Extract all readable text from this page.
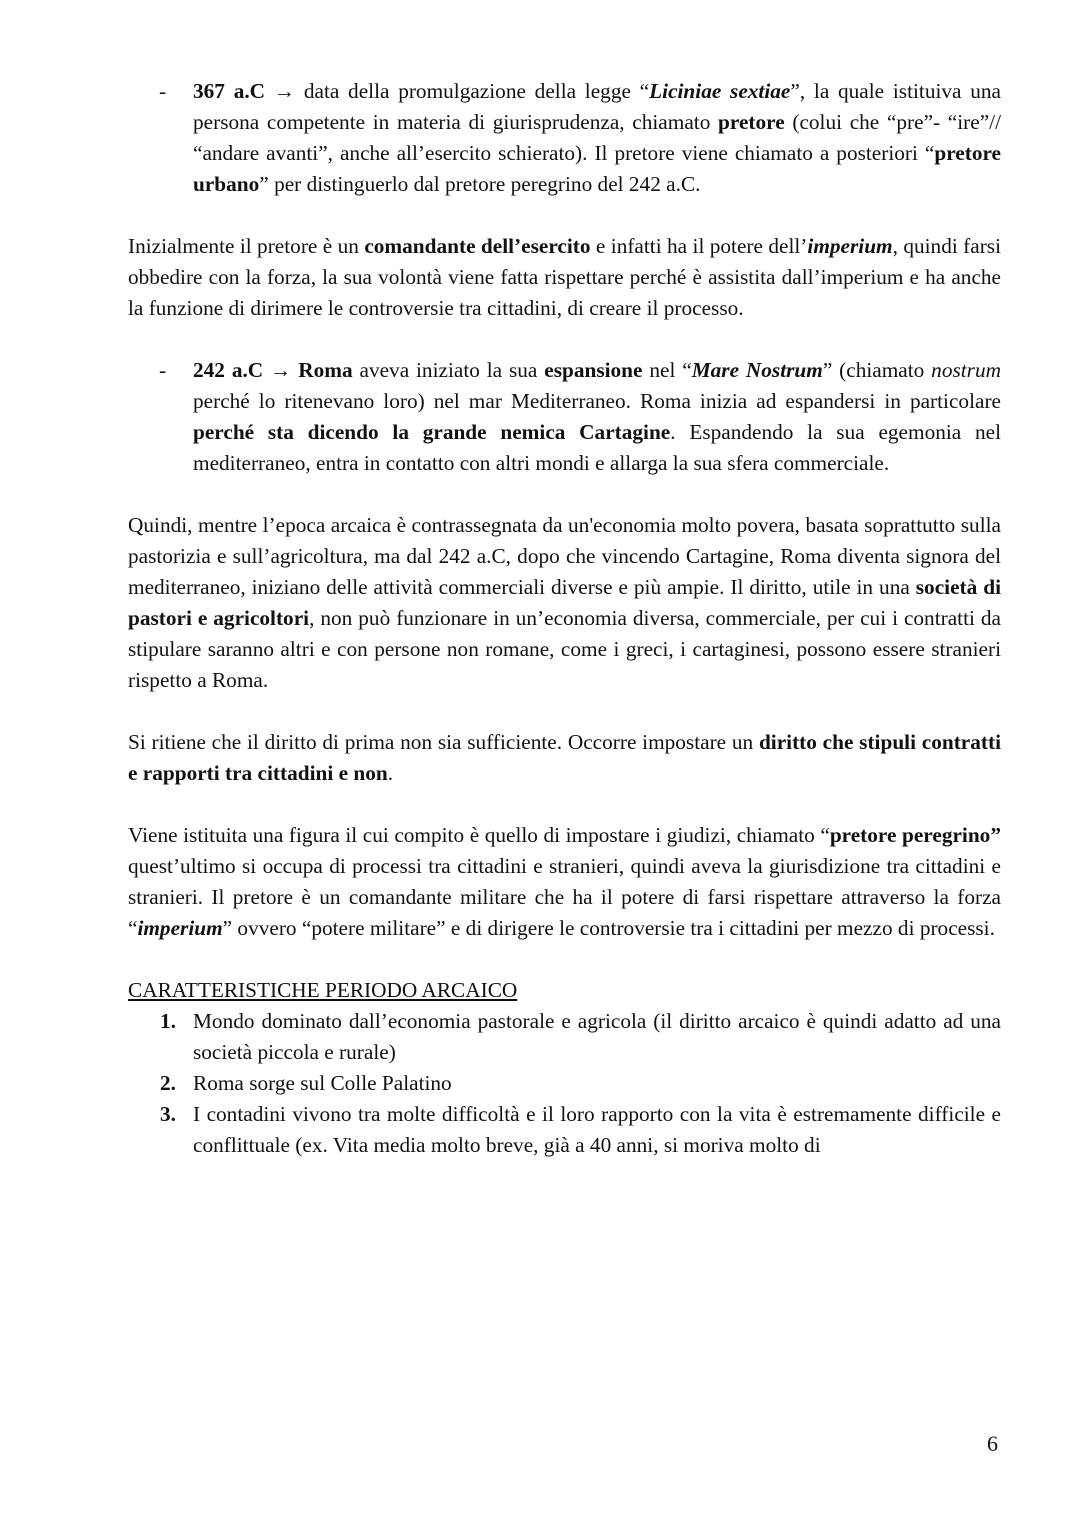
- 367 a.C → data della promulgazione della legge “Liciniae sextiae”, la quale istituiva una persona competente in materia di giurisprudenza, chiamato pretore (colui che “pre”- “ire”// “andare avanti”, anche all’esercito schierato). Il pretore viene chiamato a posteriori “pretore urbano” per distinguerlo dal pretore peregrino del 242 a.C.

Inizialmente il pretore è un comandante dell’esercito e infatti ha il potere dell’imperium, quindi farsi obbedire con la forza, la sua volontà viene fatta rispettare perché è assistita dall’imperium e ha anche la funzione di dirimere le controversie tra cittadini, di creare il processo.

- 242 a.C → Roma aveva iniziato la sua espansione nel “Mare Nostrum” (chiamato nostrum perché lo ritenevano loro) nel mar Mediterraneo. Roma inizia ad espandersi in particolare perché sta dicendo la grande nemica Cartagine. Espandendo la sua egemonia nel mediterraneo, entra in contatto con altri mondi e allarga la sua sfera commerciale.

Quindi, mentre l’epoca arcaica è contrassegnata da un'economia molto povera, basata soprattutto sulla pastorizia e sull’agricoltura, ma dal 242 a.C, dopo che vincendo Cartagine, Roma diventa signora del mediterraneo, iniziano delle attività commerciali diverse e più ampie. Il diritto, utile in una società di pastori e agricoltori, non può funzionare in un’economia diversa, commerciale, per cui i contratti da stipulare saranno altri e con persone non romane, come i greci, i cartaginesi, possono essere stranieri rispetto a Roma.

Si ritiene che il diritto di prima non sia sufficiente. Occorre impostare un diritto che stipuli contratti e rapporti tra cittadini e non.

Viene istituita una figura il cui compito è quello di impostare i giudizi, chiamato “pretore peregrino” quest’ultimo si occupa di processi tra cittadini e stranieri, quindi aveva la giurisdizione tra cittadini e stranieri. Il pretore è un comandante militare che ha il potere di farsi rispettare attraverso la forza “imperium” ovvero “potere militare” e di dirigere le controversie tra i cittadini per mezzo di processi.

CARATTERISTICHE PERIODO ARCAICO

1. Mondo dominato dall’economia pastorale e agricola (il diritto arcaico è quindi adatto ad una società piccola e rurale)
2. Roma sorge sul Colle Palatino
3. I contadini vivono tra molte difficoltà e il loro rapporto con la vita è estremamente difficile e conflittuale (ex. Vita media molto breve, già a 40 anni, si moriva molto di
6
